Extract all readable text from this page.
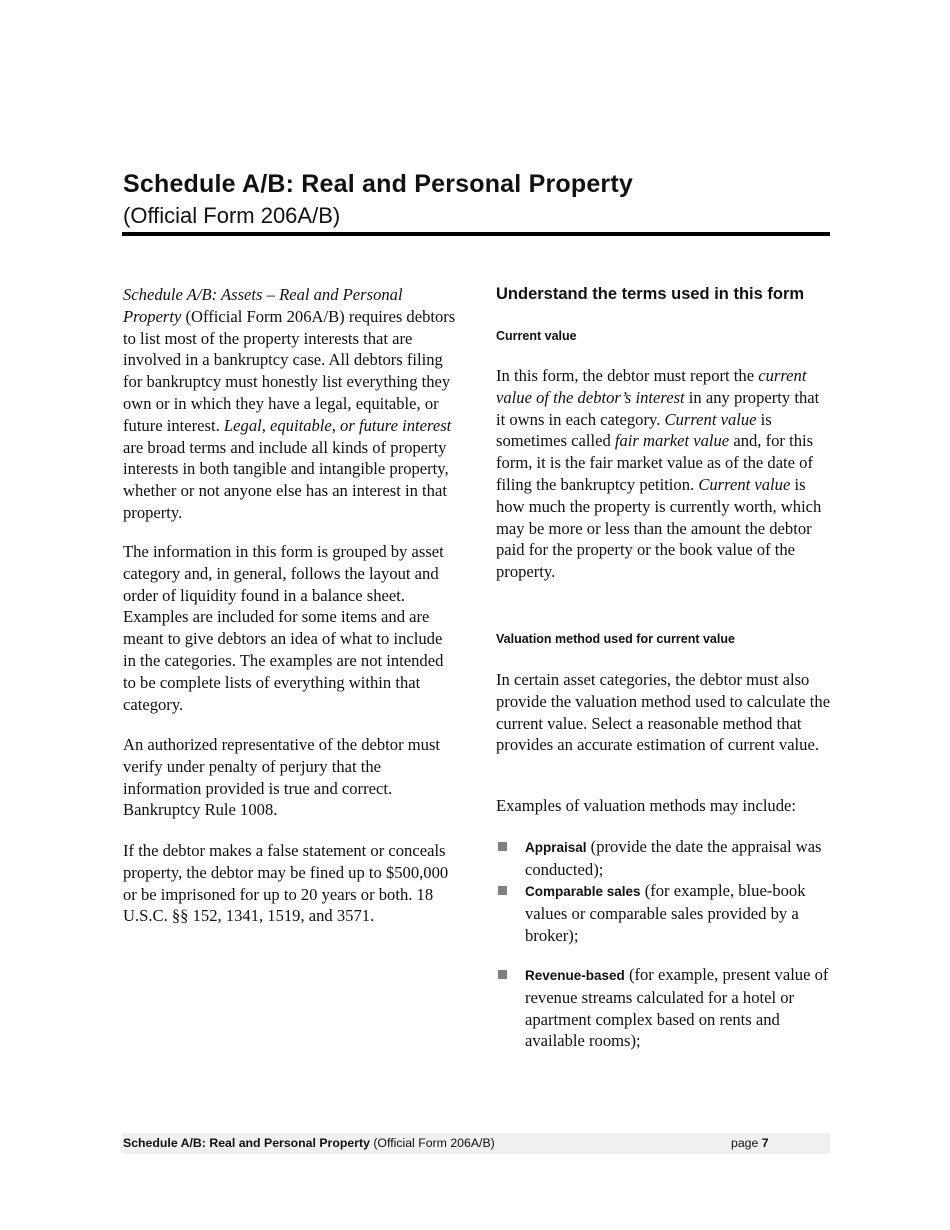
Schedule A/B: Real and Personal Property
(Official Form 206A/B)

Schedule A/B: Assets – Real and Personal Property (Official Form 206A/B) requires debtors to list most of the property interests that are involved in a bankruptcy case. All debtors filing for bankruptcy must honestly list everything they own or in which they have a legal, equitable, or future interest. Legal, equitable, or future interest are broad terms and include all kinds of property interests in both tangible and intangible property, whether or not anyone else has an interest in that property.

The information in this form is grouped by asset category and, in general, follows the layout and order of liquidity found in a balance sheet. Examples are included for some items and are meant to give debtors an idea of what to include in the categories. The examples are not intended to be complete lists of everything within that category.

An authorized representative of the debtor must verify under penalty of perjury that the information provided is true and correct. Bankruptcy Rule 1008.

If the debtor makes a false statement or conceals property, the debtor may be fined up to $500,000 or be imprisoned for up to 20 years or both. 18 U.S.C. §§ 152, 1341, 1519, and 3571.

Understand the terms used in this form
Current value

In this form, the debtor must report the current value of the debtor’s interest in any property that it owns in each category. Current value is sometimes called fair market value and, for this form, it is the fair market value as of the date of filing the bankruptcy petition. Current value is how much the property is currently worth, which may be more or less than the amount the debtor paid for the property or the book value of the property.

Valuation method used for current value

In certain asset categories, the debtor must also provide the valuation method used to calculate the current value. Select a reasonable method that provides an accurate estimation of current value.

Examples of valuation methods may include:

Appraisal (provide the date the appraisal was conducted);

Comparable sales (for example, blue-book values or comparable sales provided by a broker);

Revenue-based (for example, present value of revenue streams calculated for a hotel or apartment complex based on rents and available rooms);

Schedule A/B: Real and Personal Property (Official Form 206A/B)	page 7
